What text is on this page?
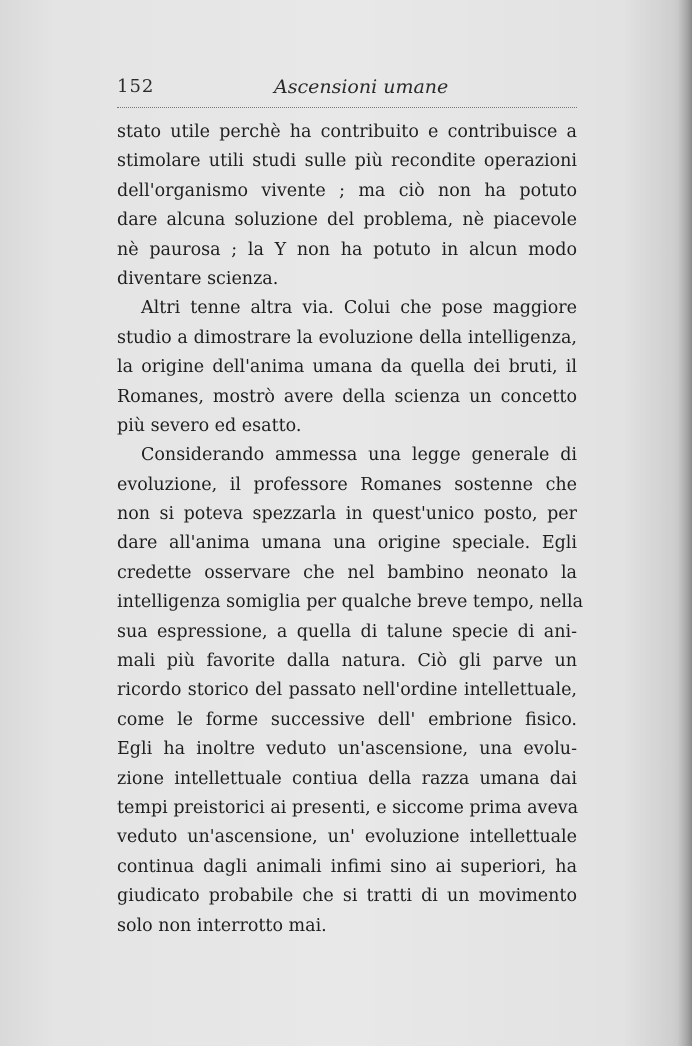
152	Ascensioni umane
stato utile perchè ha contribuito e contribuisce a
stimolare utili studi sulle più recondite operazioni
dell'organismo vivente ; ma ciò non ha potuto
dare alcuna soluzione del problema, nè piacevole
nè paurosa ; la Y non ha potuto in alcun modo
diventare scienza.
Altri tenne altra via. Colui che pose maggiore
studio a dimostrare la evoluzione della intelligenza,
la origine dell'anima umana da quella dei bruti, il
Romanes, mostrò avere della scienza un concetto
più severo ed esatto.
Considerando ammessa una legge generale di
evoluzione, il professore Romanes sostenne che
non si poteva spezzarla in quest'unico posto, per
dare all'anima umana una origine speciale. Egli
credette osservare che nel bambino neonato la
intelligenza somiglia per qualche breve tempo, nella
sua espressione, a quella di talune specie di ani-
mali più favorite dalla natura. Ciò gli parve un
ricordo storico del passato nell'ordine intellettuale,
come le forme successive dell' embrione fisico.
Egli ha inoltre veduto un'ascensione, una evolu-
zione intellettuale contiua della razza umana dai
tempi preistorici ai presenti, e siccome prima aveva
veduto un'ascensione, un' evoluzione intellettuale
continua dagli animali infimi sino ai superiori, ha
giudicato probabile che si tratti di un movimento
solo non interrotto mai.
